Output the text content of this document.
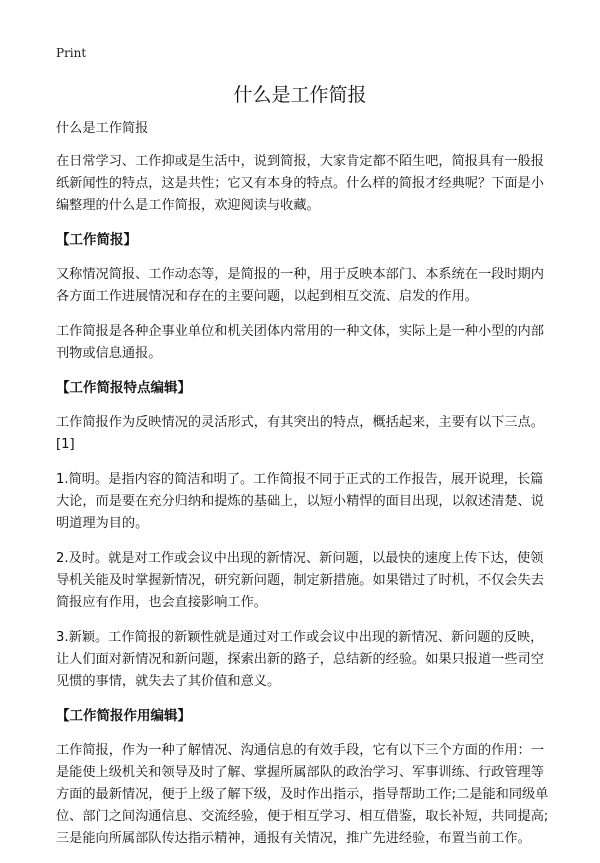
Print
什么是工作简报

什么是工作简报

在日常学习、工作抑或是生活中，说到简报，大家肯定都不陌生吧，简报具有一般报纸新闻性的特点，这是共性；它又有本身的特点。什么样的简报才经典呢？下面是小编整理的什么是工作简报，欢迎阅读与收藏。

【工作简报】

又称情况简报、工作动态等，是简报的一种，用于反映本部门、本系统在一段时期内各方面工作进展情况和存在的主要问题，以起到相互交流、启发的作用。

工作简报是各种企事业单位和机关团体内常用的一种文体，实际上是一种小型的内部刊物或信息通报。

【工作简报特点编辑】

工作简报作为反映情况的灵活形式，有其突出的特点，概括起来，主要有以下三点。[1]

1.简明。是指内容的简洁和明了。工作简报不同于正式的工作报告，展开说理，长篇大论，而是要在充分归纳和提炼的基础上，以短小精悍的面目出现，以叙述清楚、说明道理为目的。

2.及时。就是对工作或会议中出现的新情况、新问题，以最快的速度上传下达，使领导机关能及时掌握新情况，研究新问题，制定新措施。如果错过了时机，不仅会失去简报应有作用，也会直接影响工作。

3.新颖。工作简报的新颖性就是通过对工作或会议中出现的新情况、新问题的反映，让人们面对新情况和新问题，探索出新的路子，总结新的经验。如果只报道一些司空见惯的事情，就失去了其价值和意义。

【工作简报作用编辑】

工作简报，作为一种了解情况、沟通信息的有效手段，它有以下三个方面的作用：一是能使上级机关和领导及时了解、掌握所属部队的政治学习、军事训练、行政管理等方面的最新情况，便于上级了解下级，及时作出指示，指导帮助工作;二是能和同级单位、部门之间沟通信息、交流经验，便于相互学习、相互借鉴，取长补短，共同提高;三是能向所属部队传达指示精神，通报有关情况，推广先进经验，布置当前工作。
